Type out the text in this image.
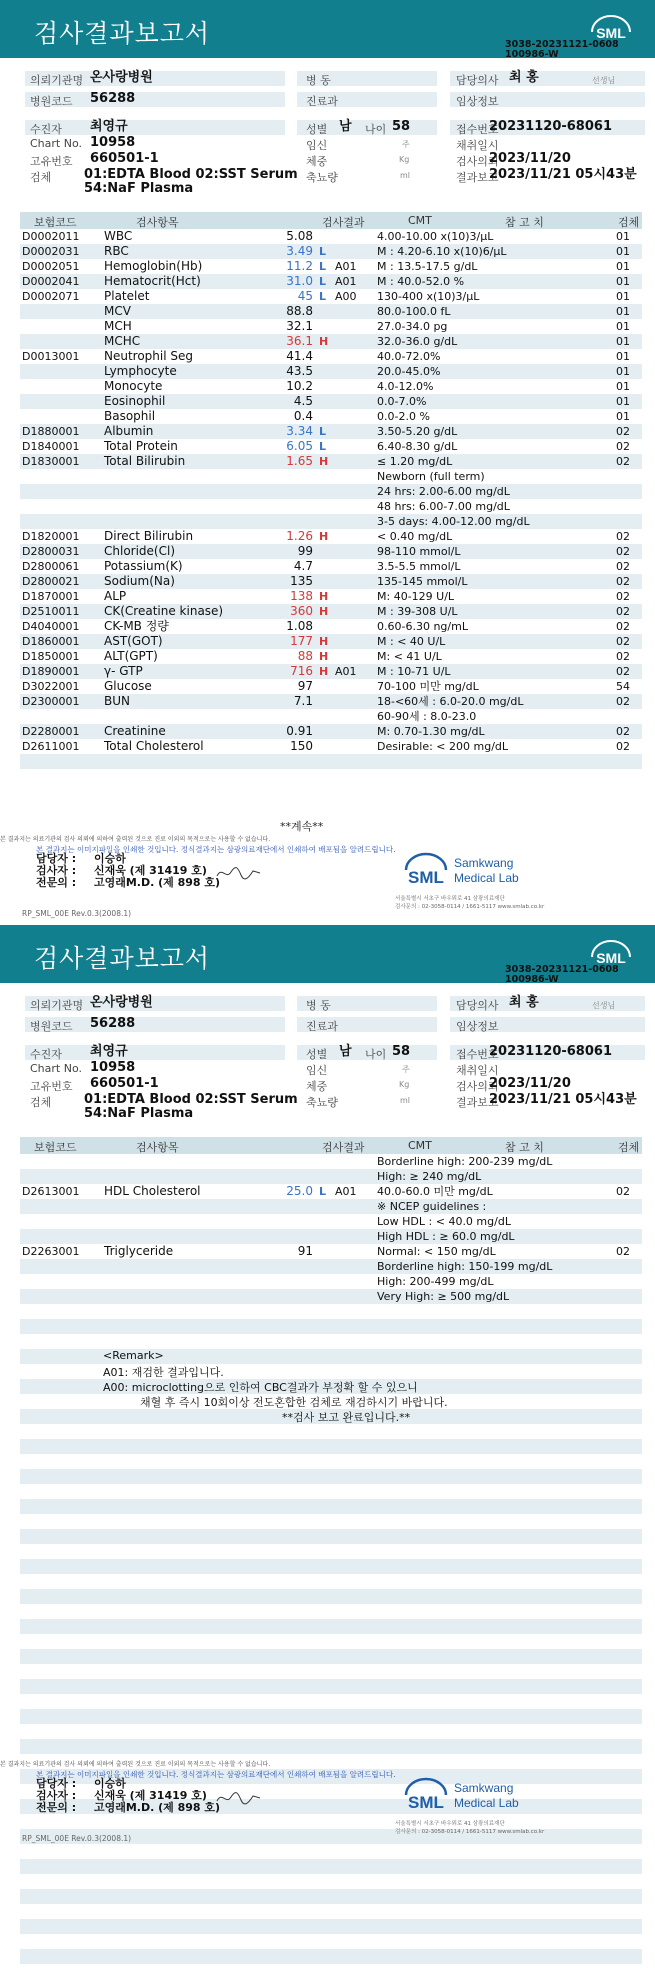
검사결과보고서	SML
3038-20231121-0608
100986-W
의뢰기관명 온사랑병원
병원코드 56288
병 동
진료과
담당의사 최 홍	선생님
임상정보
수진자 최영규
Chart No. 10958
고유번호 660501-1
검체	01:EDTA Blood 02:SST Serum
54:NaF Plasma
성별 남 나이 58
임신	주
체중	Kg
축뇨량	ml
접수번호
20231120-68061
채취일시
검사의뢰
2023/11/20
결과보고
2023/11/21 05시43분
보험코드	검사항목	검사결과	CMT	참 고 치	검체
D0002011 WBC	5.08	4.00-10.00 x(10)3/μL	01
D0002031 RBC	3.49 L	M : 4.20-6.10 x(10)6/μL	01
D0002051 Hemoglobin(Hb)	11.2 L A01 M : 13.5-17.5 g/dL	01
D0002041 Hematocrit(Hct)	31.0 L A01 M : 40.0-52.0 %	01
D0002071 Platelet	45 L A00 130-400 x(10)3/μL	01
MCV	88.8	80.0-100.0 fL	01
MCH	32.1	27.0-34.0 pg	01
MCHC	36.1 H	32.0-36.0 g/dL	01
D0013001 Neutrophil Seg	41.4	40.0-72.0%	01
Lymphocyte	43.5	20.0-45.0%	01
Monocyte	10.2	4.0-12.0%	01
Eosinophil	4.5	0.0-7.0%	01
Basophil	0.4	0.0-2.0 %	01
D1880001 Albumin	3.34 L	3.50-5.20 g/dL	02
D1840001 Total Protein	6.05 L	6.40-8.30 g/dL	02
D1830001 Total Bilirubin	1.65 H	≤ 1.20 mg/dL	02
Newborn (full term)
24 hrs: 2.00-6.00 mg/dL
48 hrs: 6.00-7.00 mg/dL
3-5 days: 4.00-12.00 mg/dL
D1820001 Direct Bilirubin	1.26 H	< 0.40 mg/dL	02
D2800031 Chloride(Cl)	99	98-110 mmol/L	02
D2800061 Potassium(K)	4.7	3.5-5.5 mmol/L	02
D2800021 Sodium(Na)	135	135-145 mmol/L	02
D1870001 ALP	138 H	M: 40-129 U/L	02
D2510011 CK(Creatine kinase)	360 H	M : 39-308 U/L	02
D4040001 CK-MB 정량	1.08	0.60-6.30 ng/mL	02
D1860001 AST(GOT)	177 H	M : < 40 U/L	02
D1850001 ALT(GPT)	88 H	M: < 41 U/L	02
D1890001 γ- GTP	716 H A01 M : 10-71 U/L	02
D3022001 Glucose	97	70-100 미만 mg/dL	54
D2300001 BUN	7.1	18-<60세 : 6.0-20.0 mg/dL	02
60-90세 : 8.0-23.0
D2280001 Creatinine	0.91	M: 0.70-1.30 mg/dL	02
D2611001 Total Cholesterol	150	Desirable: < 200 mg/dL	02
본 결과지는 의료기관의 검사 의뢰에 의하여 출력된 것으로 진료 이외의 목적으로는 사용할 수 없습니다.
본 결과지는 이미지파일을 인쇄한 것입니다. 정식결과지는 삼광의료재단에서 인쇄하여 배포됨을 알려드립니다.
담당자 : 이승하
검사자 : 신재욱 (제 31419 호)
전문의 : 고영래M.D. (제 898 호)
RP_SML_00E Rev.0.3(2008.1)
SML
Samkwang
Medical Lab
서울특별시 서초구 바우뫼로 41 삼광의료재단
검사문의 : 02-3058-0114 / 1661-5117 www.smlab.co.kr
**계속**
검사결과보고서	SML
3038-20231121-0608
100986-W
의뢰기관명 온사랑병원
병원코드 56288
병 동
진료과
담당의사 최 홍	선생님
임상정보
수진자 최영규
Chart No. 10958
고유번호 660501-1
검체	01:EDTA Blood 02:SST Serum
54:NaF Plasma
성별 남 나이 58
임신	주
체중	Kg
축뇨량	ml
접수번호
20231120-68061
채취일시
검사의뢰
2023/11/20
결과보고
2023/11/21 05시43분
보험코드	검사항목	검사결과	CMT	참 고 치	검체
Borderline high: 200-239 mg/dL
High: ≥ 240 mg/dL
D2613001 HDL Cholesterol	25.0 L A01 40.0-60.0 미만 mg/dL	02
※ NCEP guidelines :
Low HDL : < 40.0 mg/dL
High HDL : ≥ 60.0 mg/dL
D2263001 Triglyceride	91	Normal: < 150 mg/dL	02
Borderline high: 150-199 mg/dL
High: 200-499 mg/dL
Very High: ≥ 500 mg/dL
본 결과지는 의료기관의 검사 의뢰에 의하여 출력된 것으로 진료 이외의 목적으로는 사용할 수 없습니다.
본 결과지는 이미지파일을 인쇄한 것입니다. 정식결과지는 삼광의료재단에서 인쇄하여 배포됨을 알려드립니다.
담당자 : 이승하
검사자 : 신재욱 (제 31419 호)
전문의 : 고영래M.D. (제 898 호)
RP_SML_00E Rev.0.3(2008.1)
SML
Samkwang
Medical Lab
서울특별시 서초구 바우뫼로 41 삼광의료재단
검사문의 : 02-3058-0114 / 1661-5117 www.smlab.co.kr
<Remark>
A01: 재검한 결과입니다.
A00: microclotting으로 인하여 CBC결과가 부정확 할 수 있으니
채혈 후 즉시 10회이상 전도혼합한 검체로 재검하시기 바랍니다.
**검사 보고 완료입니다.**
